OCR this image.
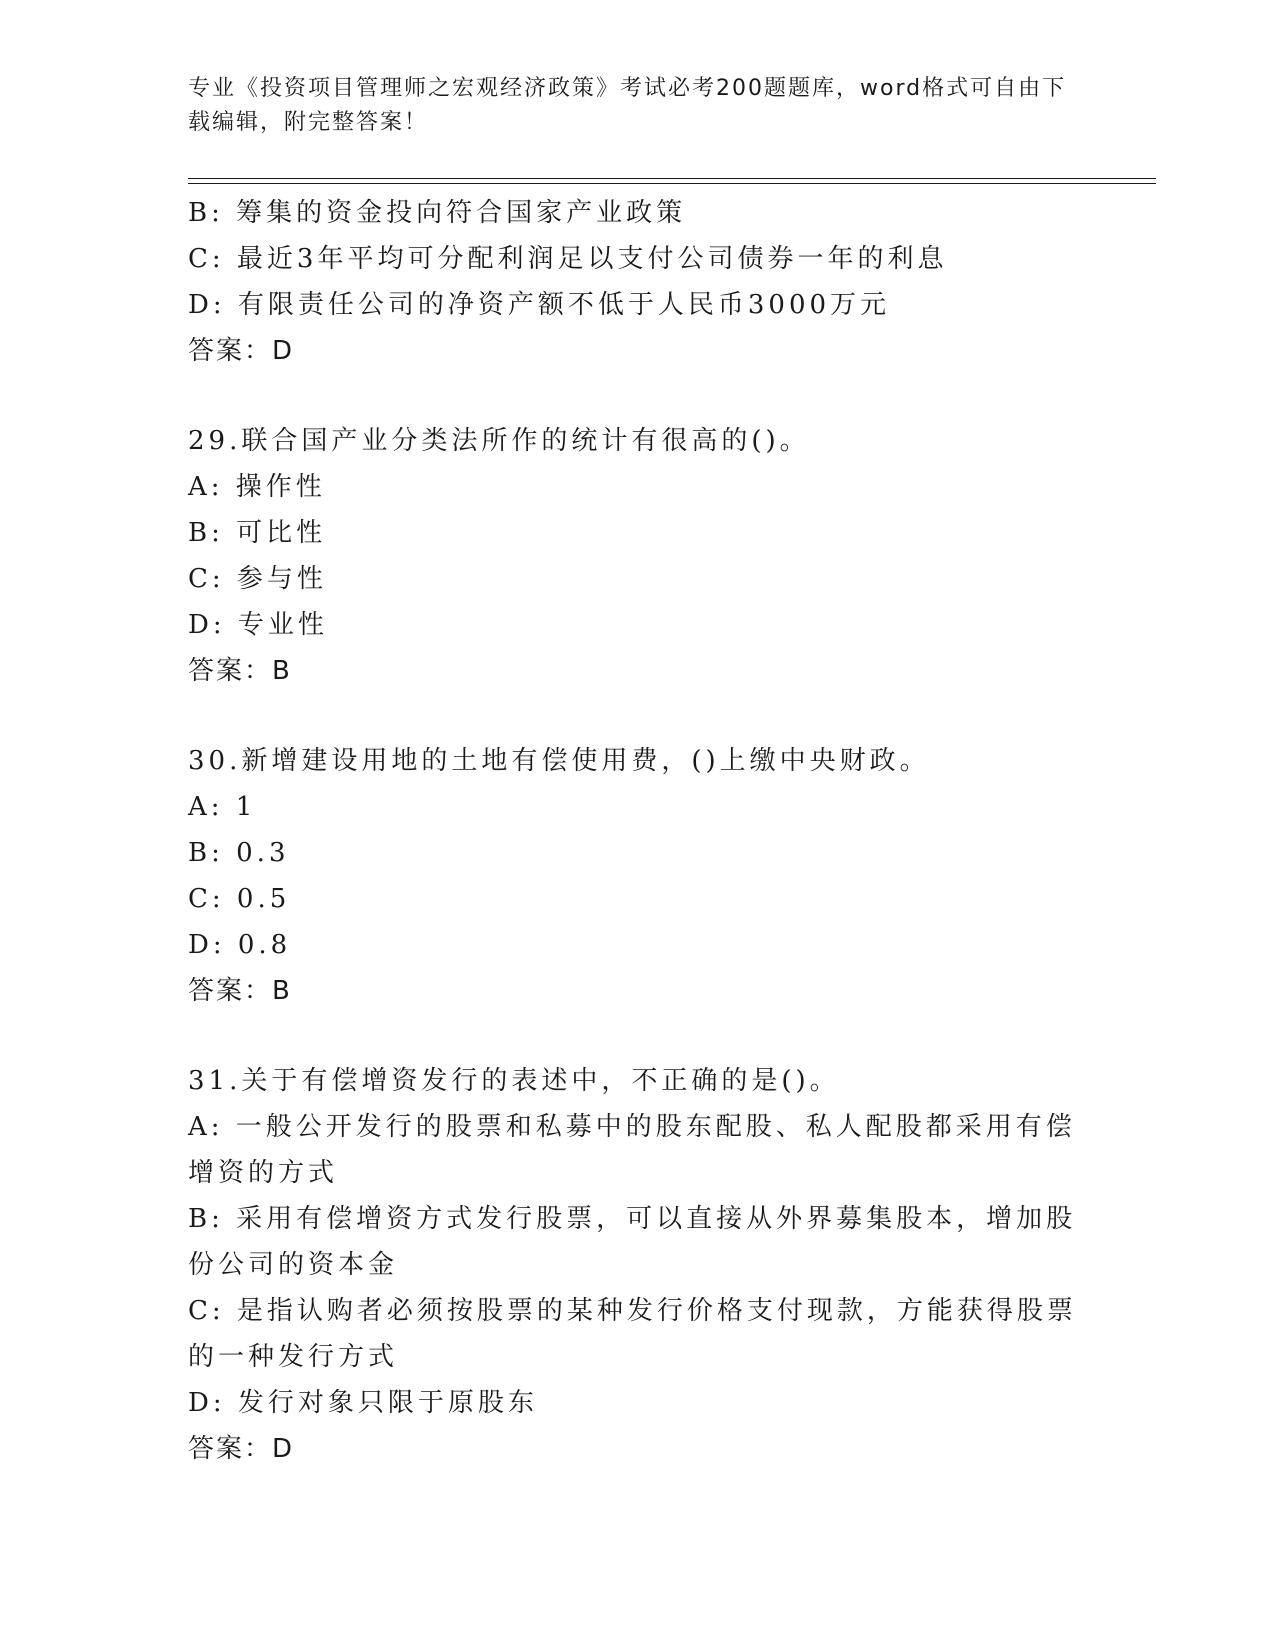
专业《投资项目管理师之宏观经济政策》考试必考200题题库，word格式可自由下载编辑，附完整答案！

B: 筹集的资金投向符合国家产业政策

C: 最近3年平均可分配利润足以支付公司债券一年的利息

D: 有限责任公司的净资产额不低于人民币3000万元

答案：D

29.联合国产业分类法所作的统计有很高的()。

A: 操作性

B: 可比性

C: 参与性

D: 专业性

答案：B

30.新增建设用地的土地有偿使用费，()上缴中央财政。

A: 1

B: 0.3

C: 0.5

D: 0.8

答案：B

31.关于有偿增资发行的表述中，不正确的是()。

A: 一般公开发行的股票和私募中的股东配股、私人配股都采用有偿增资的方式

B: 采用有偿增资方式发行股票，可以直接从外界募集股本，增加股份公司的资本金

C: 是指认购者必须按股票的某种发行价格支付现款，方能获得股票的一种发行方式

D: 发行对象只限于原股东

答案：D
